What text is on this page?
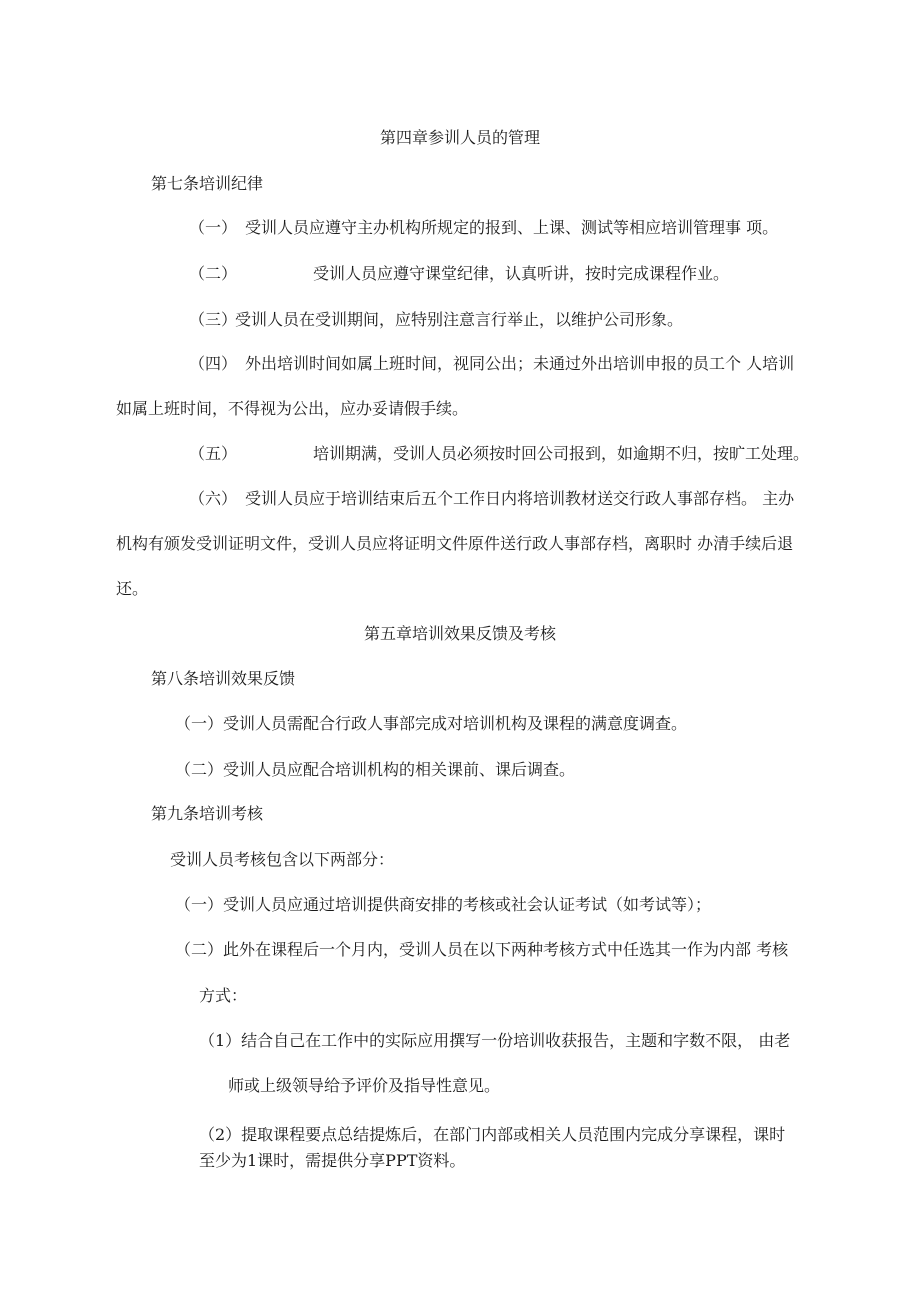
第四章参训人员的管理
第七条培训纪律
（一） 受训人员应遵守主办机构所规定的报到、上课、测试等相应培训管理事 项。
（二）	受训人员应遵守课堂纪律，认真听讲，按时完成课程作业。
（三）
受训人员在受训期间，应特别注意言行举止，以维护公司形象。
（四） 外出培训时间如属上班时间，视同公出；未通过外出培训申报的员工个 人培训
如属上班时间，不得视为公出，应办妥请假手续。
（五）	培训期满，受训人员必须按时回公司报到，如逾期不归，按旷工处理。
（六） 受训人员应于培训结束后五个工作日内将培训教材送交行政人事部存档。 主办
机构有颁发受训证明文件，受训人员应将证明文件原件送行政人事部存档，离职时 办清手续后退
还。
第五章培训效果反馈及考核
第八条培训效果反馈
（一）受训人员需配合行政人事部完成对培训机构及课程的满意度调查。
（二）受训人员应配合培训机构的相关课前、课后调查。
第九条培训考核
受训人员考核包含以下两部分：
（一）受训人员应通过培训提供商安排的考核或社会认证考试（如考试等）；
（二）此外在课程后一个月内，受训人员在以下两种考核方式中任选其一作为内部 考核
方式：
（1）结合自己在工作中的实际应用撰写一份培训收获报告，主题和字数不限， 由老
师或上级领导给予评价及指导性意见。
（2）提取课程要点总结提炼后，在部门内部或相关人员范围内完成分享课程，课时
至少为1课时，需提供分享PPT资料。
